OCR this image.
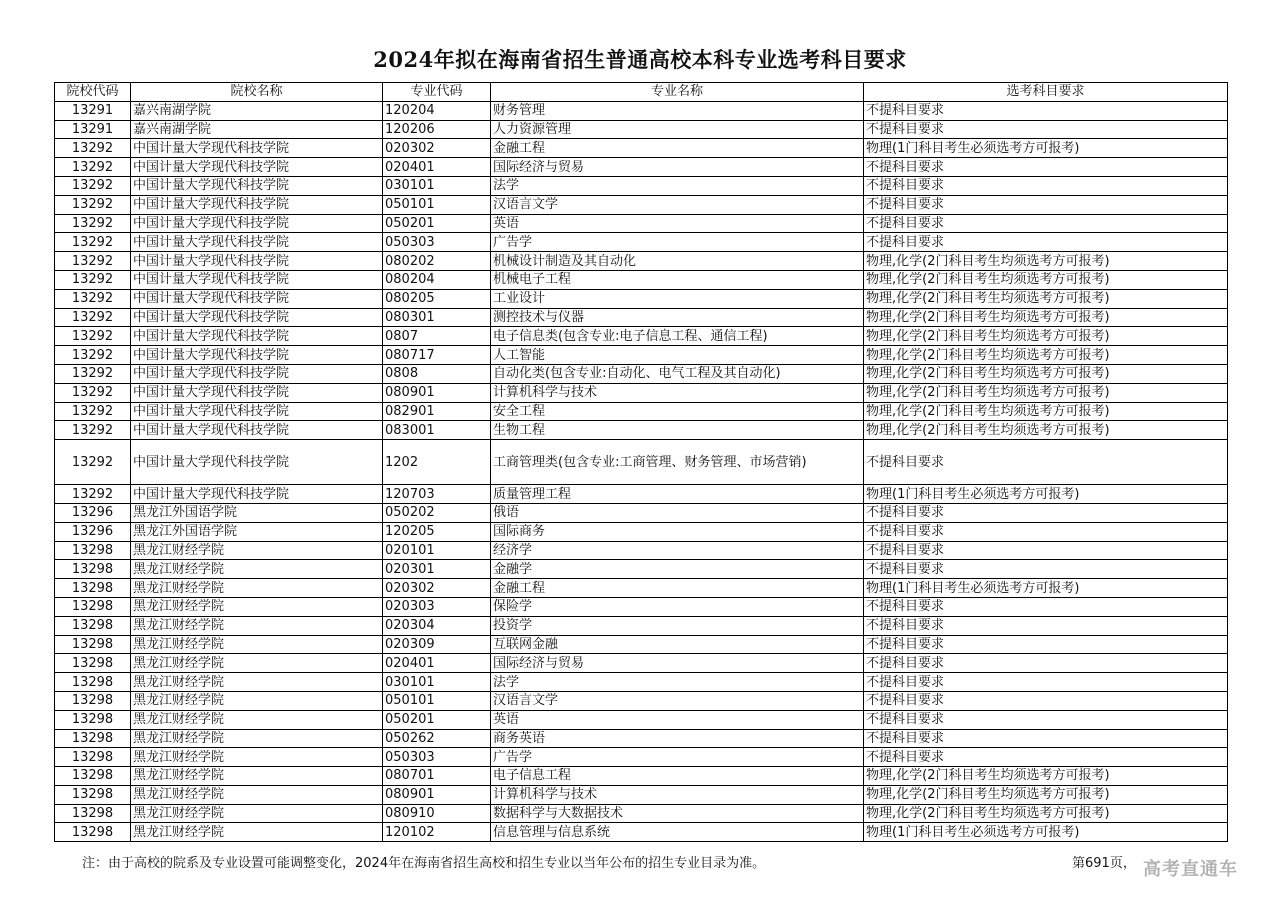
2024年拟在海南省招生普通高校本科专业选考科目要求
院校代码	院校名称	专业代码	专业名称	选考科目要求
13291	嘉兴南湖学院	120204	财务管理	不提科目要求
13291	嘉兴南湖学院	120206	人力资源管理	不提科目要求
13292	中国计量大学现代科技学院	020302	金融工程	物理(1门科目考生必须选考方可报考)
13292	中国计量大学现代科技学院	020401	国际经济与贸易	不提科目要求
13292	中国计量大学现代科技学院	030101	法学	不提科目要求
13292	中国计量大学现代科技学院	050101	汉语言文学	不提科目要求
13292	中国计量大学现代科技学院	050201	英语	不提科目要求
13292	中国计量大学现代科技学院	050303	广告学	不提科目要求
13292	中国计量大学现代科技学院	080202	机械设计制造及其自动化	物理,化学(2门科目考生均须选考方可报考)
13292	中国计量大学现代科技学院	080204	机械电子工程	物理,化学(2门科目考生均须选考方可报考)
13292	中国计量大学现代科技学院	080205	工业设计	物理,化学(2门科目考生均须选考方可报考)
13292	中国计量大学现代科技学院	080301	测控技术与仪器	物理,化学(2门科目考生均须选考方可报考)
13292	中国计量大学现代科技学院	0807	电子信息类(包含专业:电子信息工程、通信工程)	物理,化学(2门科目考生均须选考方可报考)
13292	中国计量大学现代科技学院	080717	人工智能	物理,化学(2门科目考生均须选考方可报考)
13292	中国计量大学现代科技学院	0808	自动化类(包含专业:自动化、电气工程及其自动化)	物理,化学(2门科目考生均须选考方可报考)
13292	中国计量大学现代科技学院	080901	计算机科学与技术	物理,化学(2门科目考生均须选考方可报考)
13292	中国计量大学现代科技学院	082901	安全工程	物理,化学(2门科目考生均须选考方可报考)
13292	中国计量大学现代科技学院	083001	生物工程	物理,化学(2门科目考生均须选考方可报考)
13292	中国计量大学现代科技学院	1202	工商管理类(包含专业:工商管理、财务管理、市场营销)	不提科目要求
13292	中国计量大学现代科技学院	120703	质量管理工程	物理(1门科目考生必须选考方可报考)
13296	黑龙江外国语学院	050202	俄语	不提科目要求
13296	黑龙江外国语学院	120205	国际商务	不提科目要求
13298	黑龙江财经学院	020101	经济学	不提科目要求
13298	黑龙江财经学院	020301	金融学	不提科目要求
13298	黑龙江财经学院	020302	金融工程	物理(1门科目考生必须选考方可报考)
13298	黑龙江财经学院	020303	保险学	不提科目要求
13298	黑龙江财经学院	020304	投资学	不提科目要求
13298	黑龙江财经学院	020309	互联网金融	不提科目要求
13298	黑龙江财经学院	020401	国际经济与贸易	不提科目要求
13298	黑龙江财经学院	030101	法学	不提科目要求
13298	黑龙江财经学院	050101	汉语言文学	不提科目要求
13298	黑龙江财经学院	050201	英语	不提科目要求
13298	黑龙江财经学院	050262	商务英语	不提科目要求
13298	黑龙江财经学院	050303	广告学	不提科目要求
13298	黑龙江财经学院	080701	电子信息工程	物理,化学(2门科目考生均须选考方可报考)
13298	黑龙江财经学院	080901	计算机科学与技术	物理,化学(2门科目考生均须选考方可报考)
13298	黑龙江财经学院	080910	数据科学与大数据技术	物理,化学(2门科目考生均须选考方可报考)
13298	黑龙江财经学院	120102	信息管理与信息系统	物理(1门科目考生必须选考方可报考)
注：由于高校的院系及专业设置可能调整变化，2024年在海南省招生高校和招生专业以当年公布的招生专业目录为准。	第691页， 高考直通车
